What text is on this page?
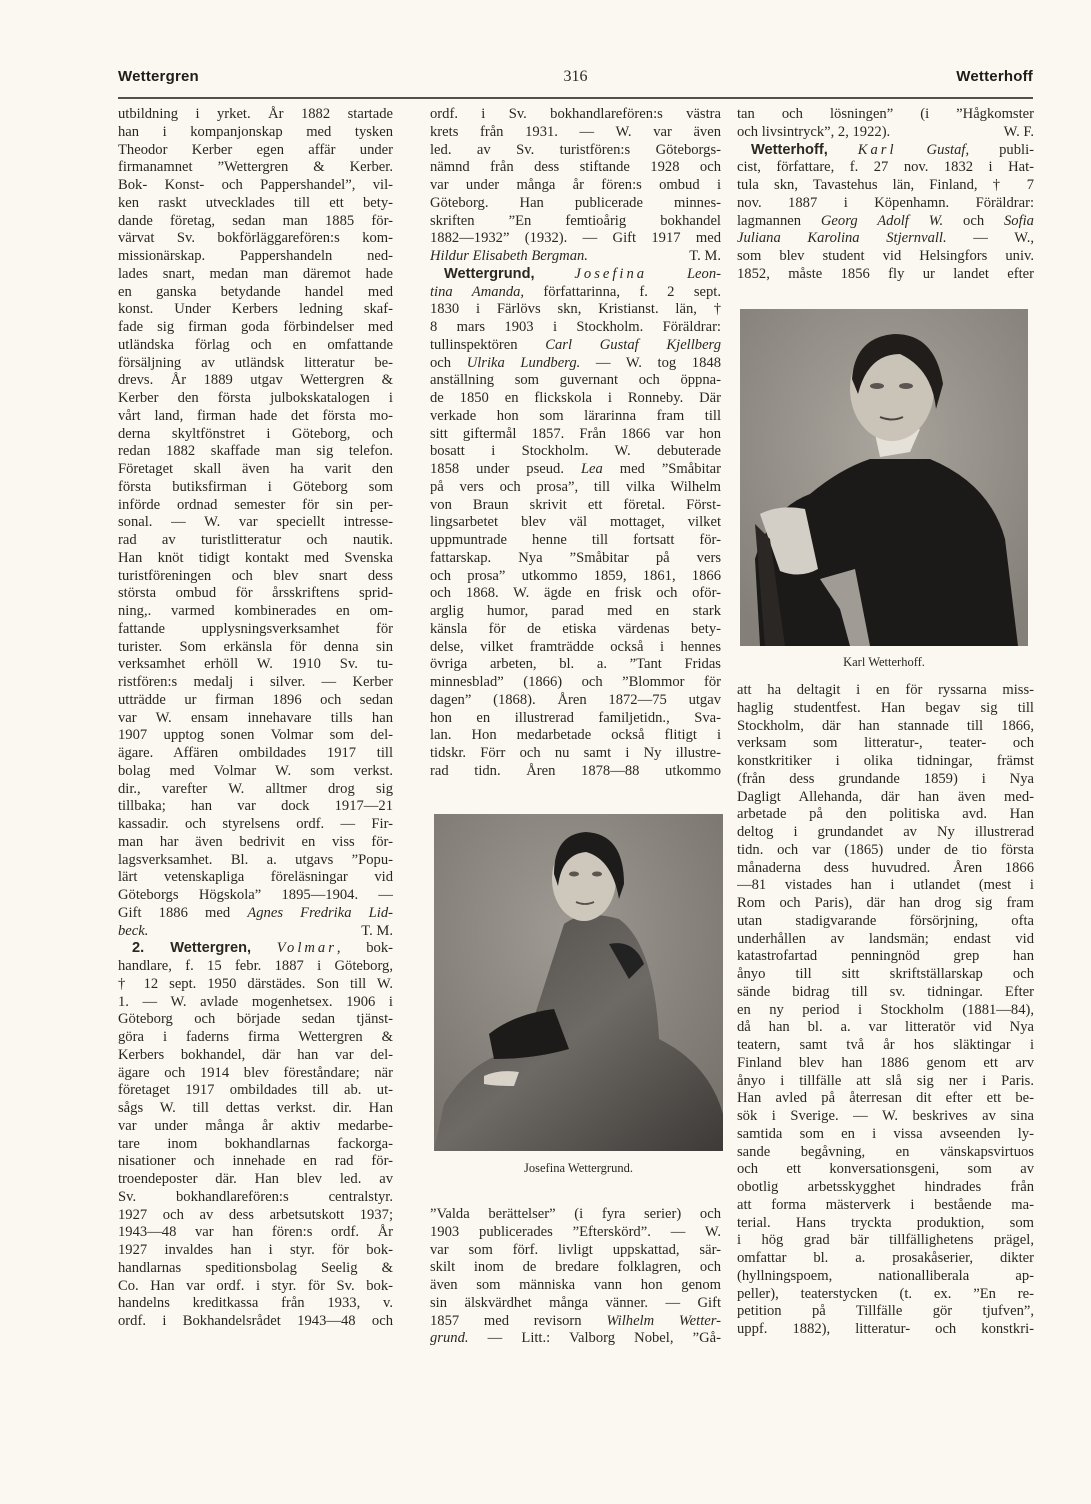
Wettergren	316	Wetterhoff
utbildning i yrket. År 1882 startade
han i kompanjonskap med tysken
Theodor Kerber egen affär under
firmanamnet ”Wettergren & Kerber.
Bok- Konst- och Pappershandel”, vil-
ken raskt utvecklades till ett bety-
dande företag, sedan man 1885 för-
värvat Sv. bokförläggarefören:s kom-
missionärskap. Pappershandeln ned-
lades snart, medan man däremot hade
en ganska betydande handel med
konst. Under Kerbers ledning skaf-
fade sig firman goda förbindelser med
utländska förlag och en omfattande
försäljning av utländsk litteratur be-
drevs. År 1889 utgav Wettergren &
Kerber den första julbokskatalogen i
vårt land, firman hade det första mo-
derna skyltfönstret i Göteborg, och
redan 1882 skaffade man sig telefon.
Företaget skall även ha varit den
första butiksfirman i Göteborg som
införde ordnad semester för sin per-
sonal. — W. var speciellt intresse-
rad av turistlitteratur och nautik.
Han knöt tidigt kontakt med Svenska
turistföreningen och blev snart dess
största ombud för årsskriftens sprid-
ning,. varmed kombinerades en om-
fattande upplysningsverksamhet för
turister. Som erkänsla för denna sin
verksamhet erhöll W. 1910 Sv. tu-
ristfören:s medalj i silver. — Kerber
utträdde ur firman 1896 och sedan
var W. ensam innehavare tills han
1907 upptog sonen Volmar som del-
ägare. Affären ombildades 1917 till
bolag med Volmar W. som verkst.
dir., varefter W. alltmer drog sig
tillbaka; han var dock 1917—21
kassadir. och styrelsens ordf. — Fir-
man har även bedrivit en viss för-
lagsverksamhet. Bl. a. utgavs ”Popu-
lärt vetenskapliga föreläsningar vid
Göteborgs Högskola” 1895—1904. —
Gift 1886 med Agnes Fredrika Lid-
beck.	T. M.
2. Wettergren, Volmar, bok-
handlare, f. 15 febr. 1887 i Göteborg,
† 12 sept. 1950 därstädes. Son till W.
1. — W. avlade mogenhetsex. 1906 i
Göteborg och började sedan tjänst-
göra i faderns firma Wettergren &
Kerbers bokhandel, där han var del-
ägare och 1914 blev föreståndare; när
företaget 1917 ombildades till ab. ut-
sågs W. till dettas verkst. dir. Han
var under många år aktiv medarbe-
tare inom bokhandlarnas fackorga-
nisationer och innehade en rad för-
troendeposter där. Han blev led. av
Sv. bokhandlarefören:s centralstyr.
1927 och av dess arbetsutskott 1937;
1943—48 var han fören:s ordf. År
1927 invaldes han i styr. för bok-
handlarnas speditionsbolag Seelig &
Co. Han var ordf. i styr. för Sv. bok-
handelns kreditkassa från 1933, v.
ordf. i Bokhandelsrådet 1943—48 och
ordf. i Sv. bokhandlarefören:s västra
krets från 1931. — W. var även
led. av Sv. turistfören:s Göteborgs-
nämnd från dess stiftande 1928 och
var under många år fören:s ombud i
Göteborg. Han publicerade minnes-
skriften ”En femtioårig bokhandel
1882—1932” (1932). — Gift 1917 med
Hildur Elisabeth Bergman.	T. M.
Wettergrund,	Josefina	Leon-
tina Amanda, författarinna, f. 2 sept.
1830 i Färlövs skn, Kristianst. län, †
8 mars 1903 i Stockholm. Föräldrar:
tullinspektören Carl Gustaf Kjellberg
och Ulrika Lundberg. — W. tog 1848
anställning som guvernant och öppna-
de 1850 en flickskola i Ronneby. Där
verkade hon som lärarinna fram till
sitt giftermål 1857. Från 1866 var hon
bosatt i Stockholm. W. debuterade
1858 under pseud. Lea med ”Småbitar
på vers och prosa”, till vilka Wilhelm
von Braun skrivit ett företal. Först-
lingsarbetet blev väl mottaget, vilket
uppmuntrade henne till fortsatt för-
fattarskap. Nya ”Småbitar på vers
och prosa” utkommo 1859, 1861, 1866
och 1868. W. ägde en frisk och oför-
arglig humor, parad med en stark
känsla för de etiska värdenas bety-
delse, vilket framträdde också i hennes
övriga arbeten, bl. a. ”Tant Fridas
minnesblad” (1866) och ”Blommor för
dagen” (1868). Åren 1872—75 utgav
hon en illustrerad familjetidn., Sva-
lan. Hon medarbetade också flitigt i
tidskr. Förr och nu samt i Ny illustre-
rad tidn. Åren 1878—88 utkommo
”Valda berättelser” (i fyra serier) och
1903 publicerades ”Efterskörd”. — W.
var som förf. livligt uppskattad, sär-
skilt inom de bredare folklagren, och
även som människa vann hon genom
sin älskvärdhet många vänner. — Gift
1857 med revisorn Wilhelm Wetter-
grund. — Litt.: Valborg Nobel, ”Gå-
tan och lösningen” (i ”Hågkomster
och livsintryck”, 2, 1922).	W. F.
Wetterhoff, Karl Gustaf, publi-
cist, författare, f. 27 nov. 1832 i Hat-
tula skn, Tavastehus län, Finland, † 7
nov. 1887 i Köpenhamn. Föräldrar:
lagmannen Georg Adolf W. och Sofia
Juliana Karolina Stjernvall. — W.,
som blev student vid Helsingfors univ.
1852, måste 1856 fly ur landet efter
att ha deltagit i en för ryssarna miss-
haglig studentfest. Han begav sig till
Stockholm, där han stannade till 1866,
verksam som litteratur-, teater- och
konstkritiker i olika tidningar, främst
(från dess grundande 1859) i Nya
Dagligt Allehanda, där han även med-
arbetade på den politiska avd. Han
deltog i grundandet av Ny illustrerad
tidn. och var (1865) under de tio första
månaderna dess huvudred. Åren 1866
—81 vistades han i utlandet (mest i
Rom och Paris), där han drog sig fram
utan stadigvarande försörjning, ofta
underhållen av landsmän; endast vid
katastrofartad penningnöd grep han
ånyo till sitt skriftställarskap och
sände bidrag till sv. tidningar. Efter
en ny period i Stockholm (1881—84),
då han bl. a. var litteratör vid Nya
teatern, samt två år hos släktingar i
Finland blev han 1886 genom ett arv
ånyo i tillfälle att slå sig ner i Paris.
Han avled på återresan dit efter ett be-
sök i Sverige. — W. beskrives av sina
samtida som en i vissa avseenden ly-
sande begåvning, en vänskapsvirtuos
och ett konversationsgeni, som av
obotlig arbetsskygghet hindrades från
att forma mästerverk i bestående ma-
terial. Hans tryckta produktion, som
i hög grad bär tillfällighetens prägel,
omfattar bl. a. prosakåserier, dikter
(hyllningspoem, nationalliberala ap-
peller), teaterstycken (t. ex. ”En re-
petition på Tillfälle gör tjufven”,
uppf. 1882), litteratur- och konstkri-
Karl Wetterhoff.
Josefina Wettergrund.
